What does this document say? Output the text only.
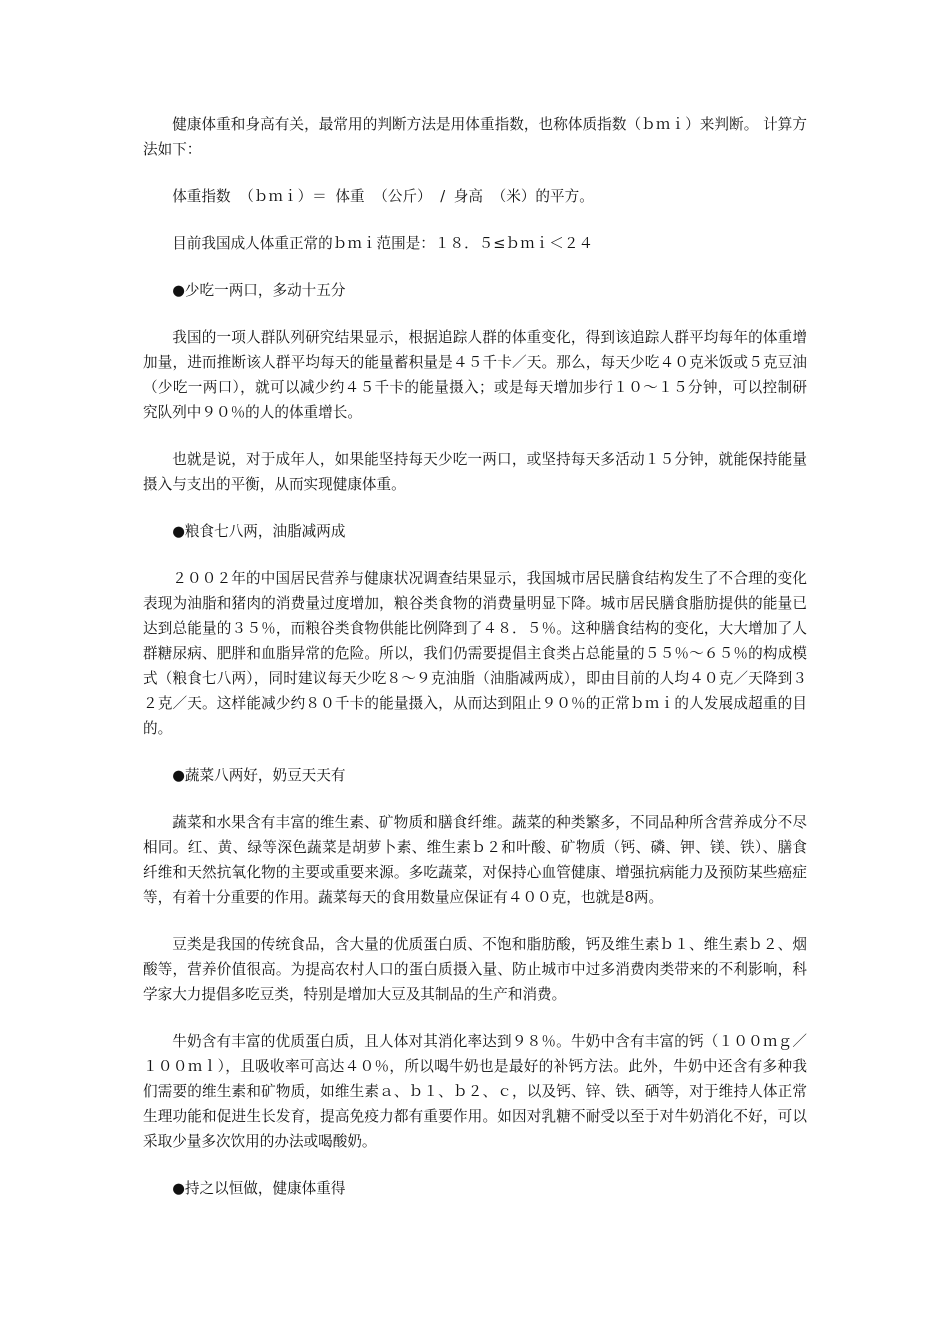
健康体重和身高有关，最常用的判断方法是用体重指数，也称体质指数（ｂｍｉ）来判断。 计算方法如下：

体重指数 （ｂｍｉ）＝ 体重 （公斤） / 身高 （米）的平方。

目前我国成人体重正常的ｂｍｉ范围是：１８．５≤ｂｍｉ＜２４

●少吃一两口，多动十五分

我国的一项人群队列研究结果显示，根据追踪人群的体重变化，得到该追踪人群平均每年的体重增加量，进而推断该人群平均每天的能量蓄积量是４５千卡／天。那么，每天少吃４０克米饭或５克豆油（少吃一两口），就可以减少约４５千卡的能量摄入；或是每天增加步行１０～１５分钟，可以控制研究队列中９０％的人的体重增长。

也就是说，对于成年人，如果能坚持每天少吃一两口，或坚持每天多活动１５分钟，就能保持能量摄入与支出的平衡，从而实现健康体重。

●粮食七八两，油脂减两成

２００２年的中国居民营养与健康状况调查结果显示，我国城市居民膳食结构发生了不合理的变化表现为油脂和猪肉的消费量过度增加，粮谷类食物的消费量明显下降。城市居民膳食脂肪提供的能量已达到总能量的３５％，而粮谷类食物供能比例降到了４８．５％。这种膳食结构的变化，大大增加了人群糖尿病、肥胖和血脂异常的危险。所以，我们仍需要提倡主食类占总能量的５５％～６５％的构成模式（粮食七八两），同时建议每天少吃８～９克油脂（油脂减两成），即由目前的人均４０克／天降到３２克／天。这样能减少约８０千卡的能量摄入，从而达到阻止９０％的正常ｂｍｉ的人发展成超重的目的。

●蔬菜八两好，奶豆天天有

蔬菜和水果含有丰富的维生素、矿物质和膳食纤维。蔬菜的种类繁多，不同品种所含营养成分不尽相同。红、黄、绿等深色蔬菜是胡萝卜素、维生素ｂ２和叶酸、矿物质（钙、磷、钾、镁、铁）、膳食纤维和天然抗氧化物的主要或重要来源。多吃蔬菜，对保持心血管健康、增强抗病能力及预防某些癌症等，有着十分重要的作用。蔬菜每天的食用数量应保证有４００克，也就是8两。

豆类是我国的传统食品，含大量的优质蛋白质、不饱和脂肪酸，钙及维生素ｂ１、维生素ｂ２、烟酸等，营养价值很高。为提高农村人口的蛋白质摄入量、防止城市中过多消费肉类带来的不利影响，科学家大力提倡多吃豆类，特别是增加大豆及其制品的生产和消费。

牛奶含有丰富的优质蛋白质，且人体对其消化率达到９８％。牛奶中含有丰富的钙（１００ｍｇ／１００ｍｌ），且吸收率可高达４０％，所以喝牛奶也是最好的补钙方法。此外，牛奶中还含有多种我们需要的维生素和矿物质，如维生素ａ、ｂ１、ｂ２、ｃ，以及钙、锌、铁、硒等，对于维持人体正常生理功能和促进生长发育，提高免疫力都有重要作用。如因对乳糖不耐受以至于对牛奶消化不好，可以采取少量多次饮用的办法或喝酸奶。

●持之以恒做，健康体重得
